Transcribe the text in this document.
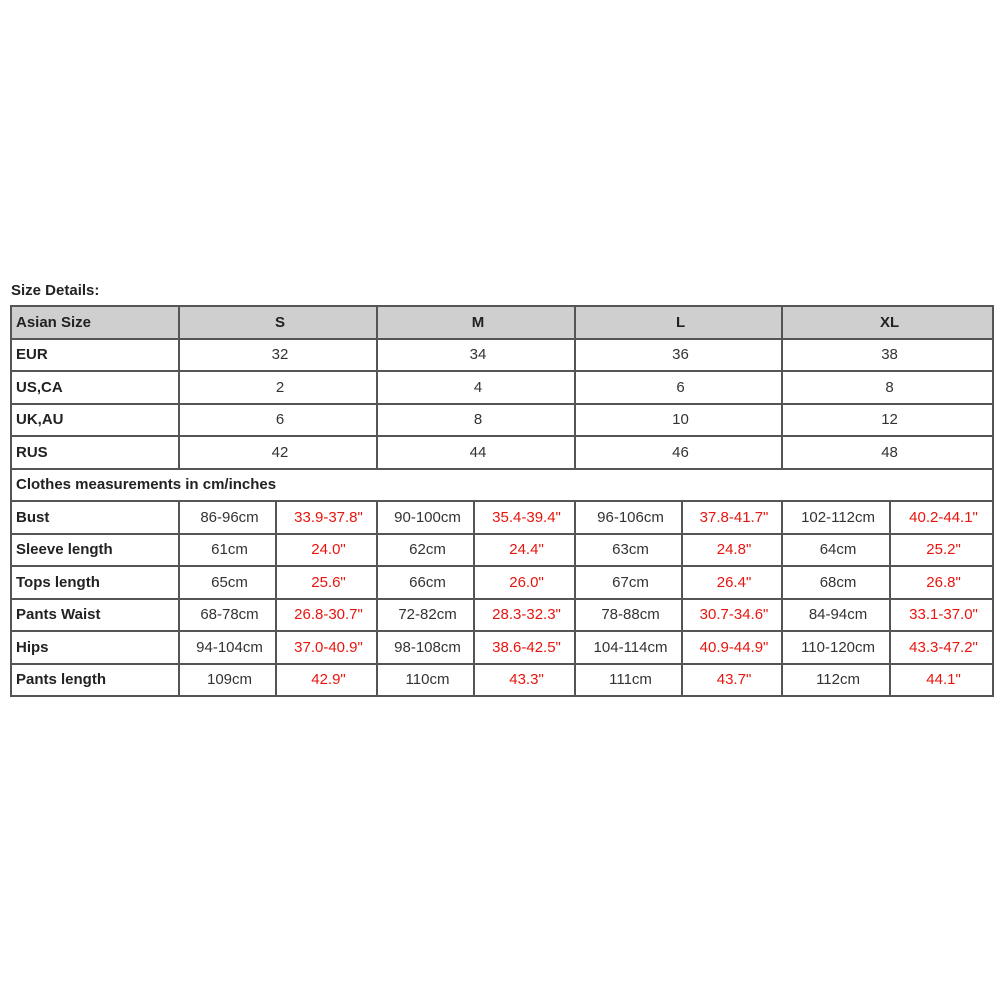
Size Details:
Asian Size	S		M		L		XL	
EUR	32		34		36		38	
US,CA	2		4		6		8	
UK,AU	6		8		10		12	
RUS	42		44		46		48	
Clothes measurements in cm/inches								
Bust	86-96cm	33.9-37.8"	90-100cm	35.4-39.4"	96-106cm	37.8-41.7"	102-112cm	40.2-44.1"
Sleeve length	61cm	24.0"	62cm	24.4"	63cm	24.8"	64cm	25.2"
Tops length	65cm	25.6"	66cm	26.0"	67cm	26.4"	68cm	26.8"
Pants Waist	68-78cm	26.8-30.7"	72-82cm	28.3-32.3"	78-88cm	30.7-34.6"	84-94cm	33.1-37.0"
Hips	94-104cm	37.0-40.9"	98-108cm	38.6-42.5"	104-114cm	40.9-44.9"	110-120cm	43.3-47.2"
Pants length	109cm	42.9"	110cm	43.3"	111cm	43.7"	112cm	44.1"
